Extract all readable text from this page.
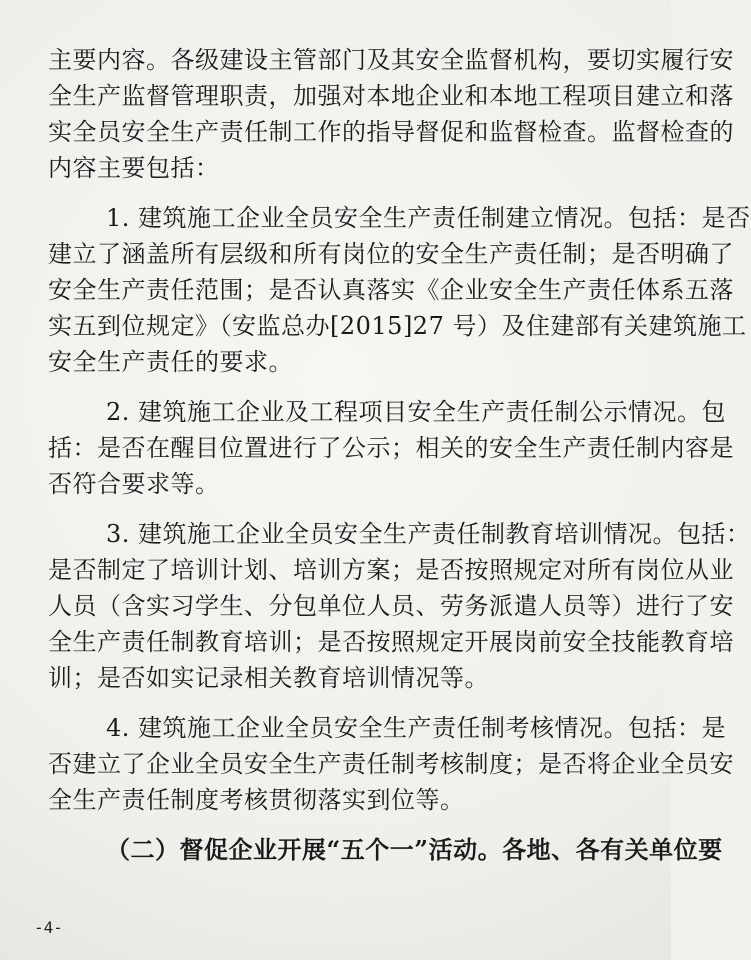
主要内容。各级建设主管部门及其安全监督机构，要切实履行安
全生产监督管理职责，加强对本地企业和本地工程项目建立和落
实全员安全生产责任制工作的指导督促和监督检查。监督检查的
内容主要包括：
1. 建筑施工企业全员安全生产责任制建立情况。包括：是否
建立了涵盖所有层级和所有岗位的安全生产责任制；是否明确了
安全生产责任范围；是否认真落实《企业安全生产责任体系五落
实五到位规定》（安监总办[2015]27 号）及住建部有关建筑施工
安全生产责任的要求。
2. 建筑施工企业及工程项目安全生产责任制公示情况。包
括：是否在醒目位置进行了公示；相关的安全生产责任制内容是
否符合要求等。
3. 建筑施工企业全员安全生产责任制教育培训情况。包括：
是否制定了培训计划、培训方案；是否按照规定对所有岗位从业
人员（含实习学生、分包单位人员、劳务派遣人员等）进行了安
全生产责任制教育培训；是否按照规定开展岗前安全技能教育培
训；是否如实记录相关教育培训情况等。
4. 建筑施工企业全员安全生产责任制考核情况。包括：是
否建立了企业全员安全生产责任制考核制度；是否将企业全员安
全生产责任制度考核贯彻落实到位等。
（二）督促企业开展“五个一”活动。各地、各有关单位要
-4-
